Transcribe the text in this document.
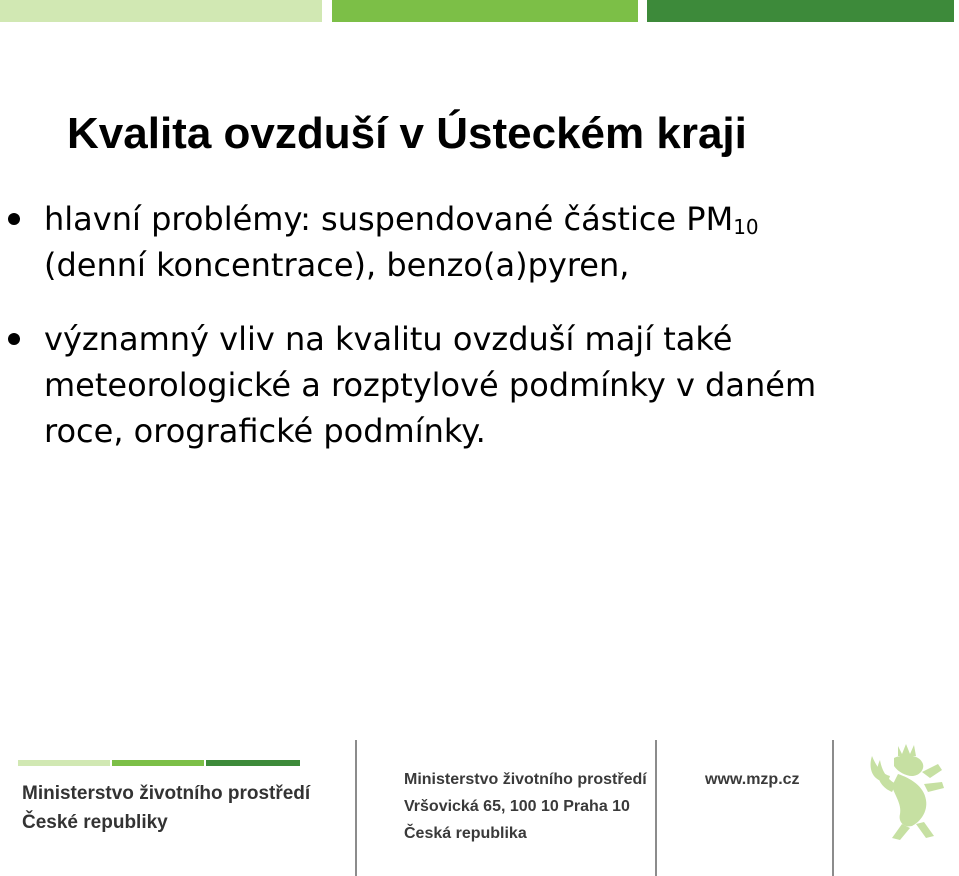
Kvalita ovzduší v Ústeckém kraji
hlavní problémy: suspendované částice $PM_{10}$
(denní koncentrace), benzo(a)pyren,
významný vliv na kvalitu ovzduší mají také
meteorologické a rozptylové podmínky v daném
roce, orografické podmínky.
Ministerstvo životního prostředí
České republiky
Ministerstvo životního prostředí
Vršovická 65, 100 10 Praha 10
Česká republika
www.mzp.cz
